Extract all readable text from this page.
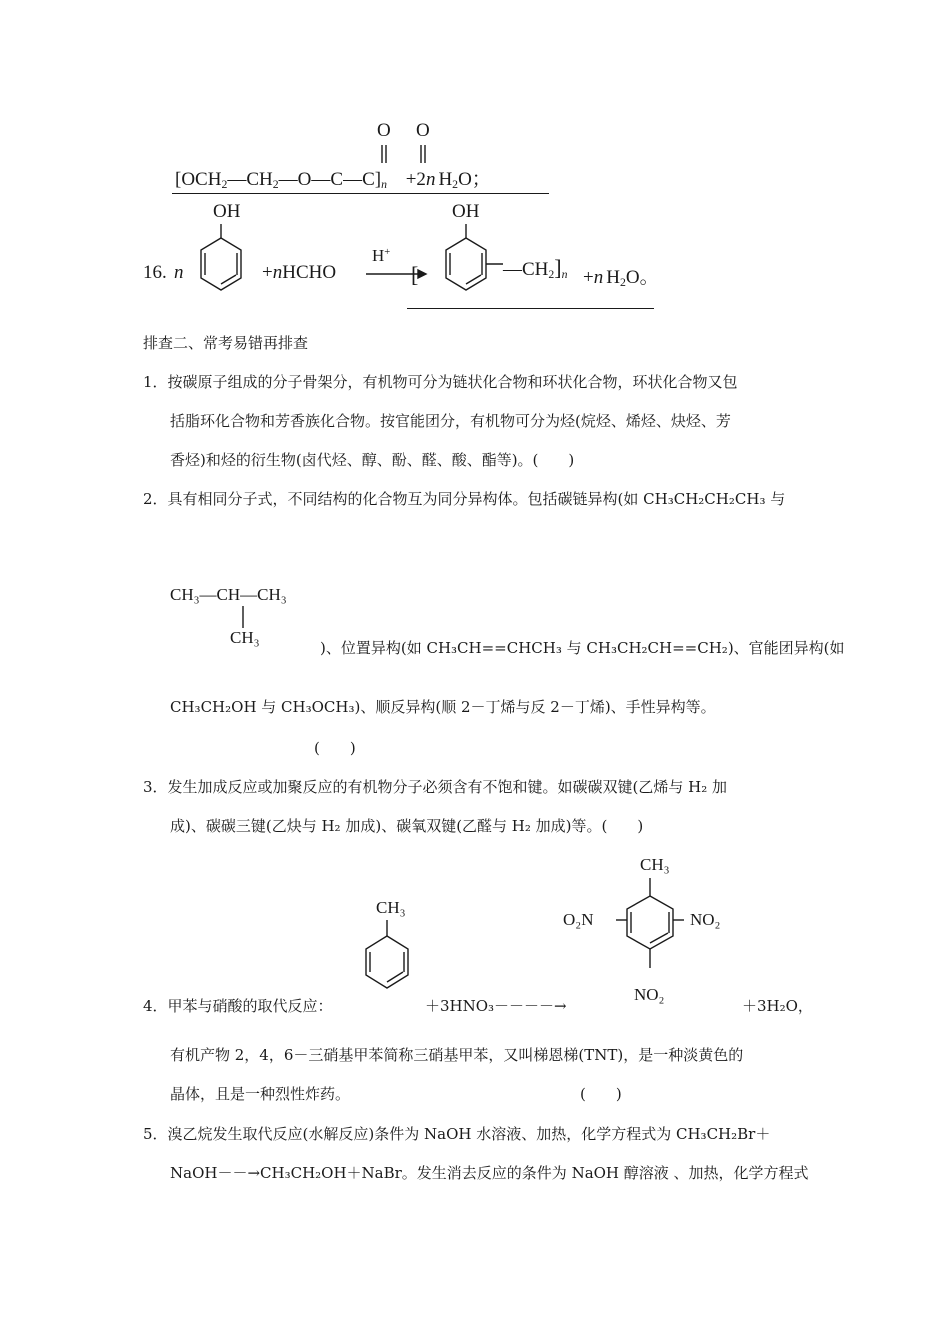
O O
$[OCH_2—CH_2—O—C—C]_n +2n$ $H_2O$；
16. n
OH
+nHCHO
H+
[
OH
$—CH_2]_n +n$ $H_2O$。
排查二、常考易错再排查
1．按碳原子组成的分子骨架分，有机物可分为链状化合物和环状化合物，环状化合物又包
括脂环化合物和芳香族化合物。按官能团分，有机物可分为烃(烷烃、烯烃、炔烃、芳
香烃)和烃的衍生物(卤代烃、醇、酚、醛、酸、酯等)。(　　)
2．具有相同分子式，不同结构的化合物互为同分异构体。包括碳链异构(如 CH₃CH₂CH₂CH₃ 与
CH₃—CH—CH₃
CH₃
)、位置异构(如 CH₃CH==CHCH₃ 与 CH₃CH₂CH==CH₂)、官能团异构(如
CH₃CH₂OH 与 CH₃OCH₃)、顺反异构(顺 2－丁烯与反 2－丁烯)、手性异构等。
(　　)
3．发生加成反应或加聚反应的有机物分子必须含有不饱和键。如碳碳双键(乙烯与 H₂ 加
成)、碳碳三键(乙炔与 H₂ 加成)、碳氧双键(乙醛与 H₂ 加成)等。(　　)
4．甲苯与硝酸的取代反应：
CH₃
＋3HNO₃－－－－→
CH₃
O₂N	NO₂
NO₂
＋3H₂O，
有机产物 2，4，6－三硝基甲苯简称三硝基甲苯，又叫梯恩梯(TNT)，是一种淡黄色的
晶体，且是一种烈性炸药。	(　　)
5．溴乙烷发生取代反应(水解反应)条件为 NaOH 水溶液、加热，化学方程式为 CH₃CH₂Br＋
NaOH－－→CH₃CH₂OH＋NaBr。发生消去反应的条件为 NaOH 醇溶液 、加热，化学方程式
